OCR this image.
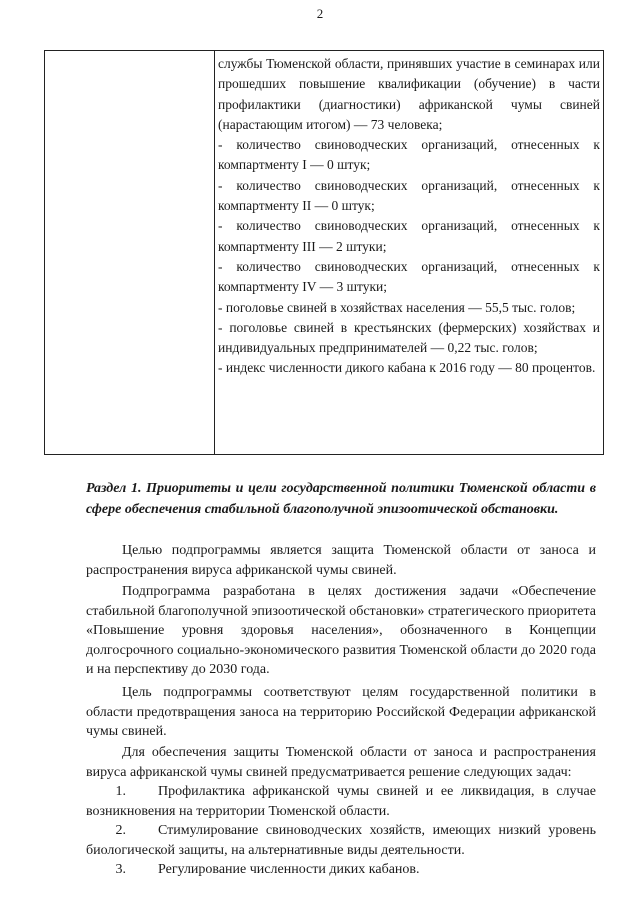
2

службы Тюменской области, принявших участие в семинарах или прошедших повышение квалификации (обучение) в части профилактики (диагностики) африканской чумы свиней (нарастающим итогом) — 73 человека;

- количество свиноводческих организаций, отнесенных к компартменту I — 0 штук;

- количество свиноводческих организаций, отнесенных к компартменту II — 0 штук;

- количество свиноводческих организаций, отнесенных к компартменту III — 2 штуки;

- количество свиноводческих организаций, отнесенных к компартменту IV — 3 штуки;

- поголовье свиней в хозяйствах населения — 55,5 тыс. голов;

- поголовье свиней в крестьянских (фермерских) хозяйствах и индивидуальных предпринимателей — 0,22 тыс. голов;

- индекс численности дикого кабана к 2016 году — 80 процентов.

Раздел 1. Приоритеты и цели государственной политики Тюменской области в сфере обеспечения стабильной благополучной эпизоотической обстановки.

Целью подпрограммы является защита Тюменской области от заноса и распространения вируса африканской чумы свиней.

Подпрограмма разработана в целях достижения задачи «Обеспечение стабильной благополучной эпизоотической обстановки» стратегического приоритета «Повышение уровня здоровья населения», обозначенного в Концепции долгосрочного социально-экономического развития Тюменской области до 2020 года и на перспективу до 2030 года.

Цель подпрограммы соответствуют целям государственной политики в области предотвращения заноса на территорию Российской Федерации африканской чумы свиней.

Для обеспечения защиты Тюменской области от заноса и распространения вируса африканской чумы свиней предусматривается решение следующих задач:

1. Профилактика африканской чумы свиней и ее ликвидация, в случае возникновения на территории Тюменской области.

2. Стимулирование свиноводческих хозяйств, имеющих низкий уровень биологической защиты, на альтернативные виды деятельности.

3. Регулирование численности диких кабанов.
